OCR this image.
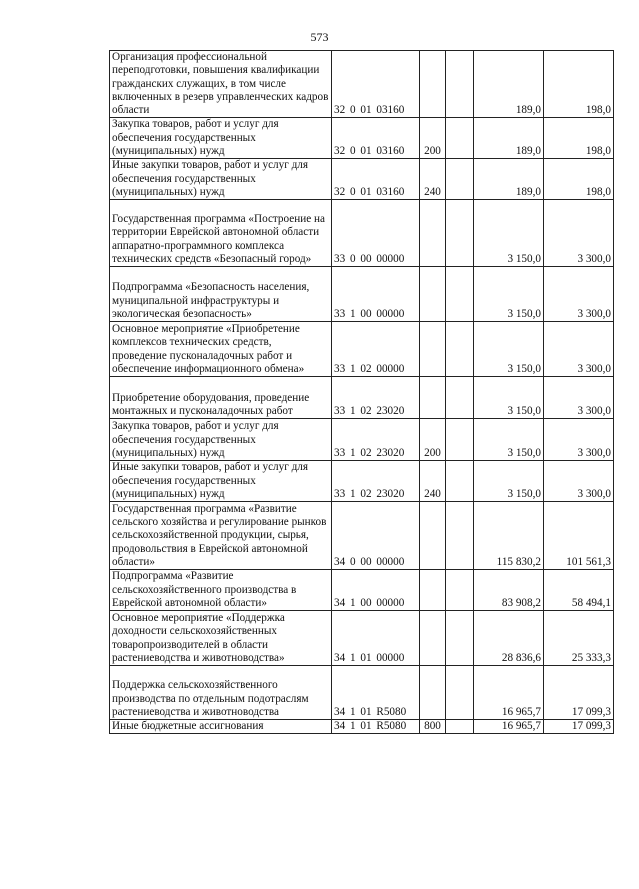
573
Организация профессиональной переподготовки, повышения квалификации гражданских служащих, в том числе включенных в резерв управленческих кадров области	32 0 01 03160			189,0	198,0
Закупка товаров, работ и услуг для обеспечения государственных (муниципальных) нужд	32 0 01 03160	200		189,0	198,0
Иные закупки товаров, работ и услуг для обеспечения государственных (муниципальных) нужд	32 0 01 03160	240		189,0	198,0
Государственная программа «Построение на территории Еврейской автономной области аппаратно-программного комплекса технических средств «Безопасный город»	33 0 00 00000			3 150,0	3 300,0
Подпрограмма «Безопасность населения, муниципальной инфраструктуры и экологическая безопасность»	33 1 00 00000			3 150,0	3 300,0
Основное мероприятие «Приобретение комплексов технических средств, проведение пусконаладочных работ и обеспечение информационного обмена»	33 1 02 00000			3 150,0	3 300,0
Приобретение оборудования, проведение монтажных и пусконаладочных работ	33 1 02 23020			3 150,0	3 300,0
Закупка товаров, работ и услуг для обеспечения государственных (муниципальных) нужд	33 1 02 23020	200		3 150,0	3 300,0
Иные закупки товаров, работ и услуг для обеспечения государственных (муниципальных) нужд	33 1 02 23020	240		3 150,0	3 300,0
Государственная программа «Развитие сельского хозяйства и регулирование рынков сельскохозяйственной продукции, сырья, продовольствия в Еврейской автономной области»	34 0 00 00000			115 830,2	101 561,3
Подпрограмма «Развитие сельскохозяйственного производства в Еврейской автономной области»	34 1 00 00000			83 908,2	58 494,1
Основное мероприятие «Поддержка доходности сельскохозяйственных товаропроизводителей в области растениеводства и животноводства»	34 1 01 00000			28 836,6	25 333,3
Поддержка сельскохозяйственного производства по отдельным подотраслям растениеводства и животноводства	34 1 01 R5080			16 965,7	17 099,3
Иные бюджетные ассигнования	34 1 01 R5080	800		16 965,7	17 099,3
